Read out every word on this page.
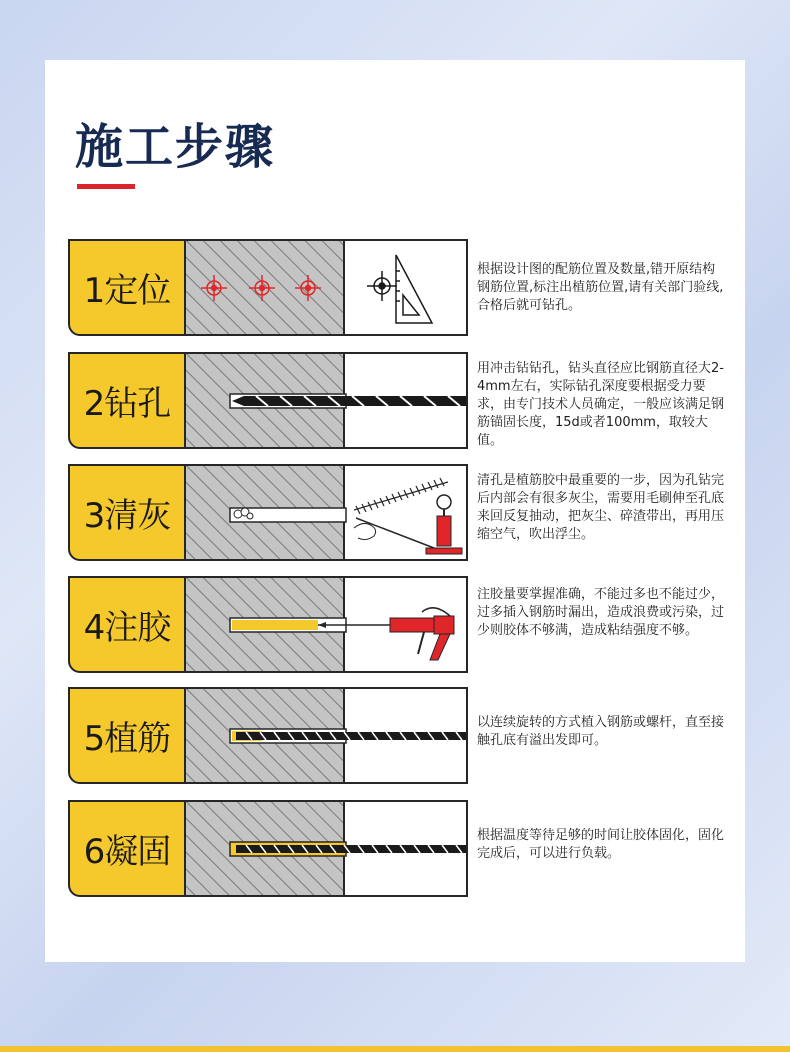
施工步骤
1定位
根据设计图的配筋位置及数量,错开原结构钢筋位置,标注出植筋位置,请有关部门验线,合格后就可钻孔。
2钻孔
用冲击钻钻孔，钻头直径应比钢筋直径大2-4mm左右，实际钻孔深度要根据受力要求，由专门技术人员确定，一般应该满足钢筋锚固长度，15d或者100mm，取较大值。
3清灰
清孔是植筋胶中最重要的一步，因为孔钻完后内部会有很多灰尘，需要用毛刷伸至孔底来回反复抽动，把灰尘、碎渣带出，再用压缩空气，吹出浮尘。
4注胶
注胶量要掌握准确，不能过多也不能过少，过多插入钢筋时漏出，造成浪费或污染，过少则胶体不够满，造成粘结强度不够。
5植筋	以连续旋转的方式植入钢筋或螺杆，直至接触孔底有溢出发即可。
6凝固	根据温度等待足够的时间让胶体固化，固化完成后，可以进行负载。
